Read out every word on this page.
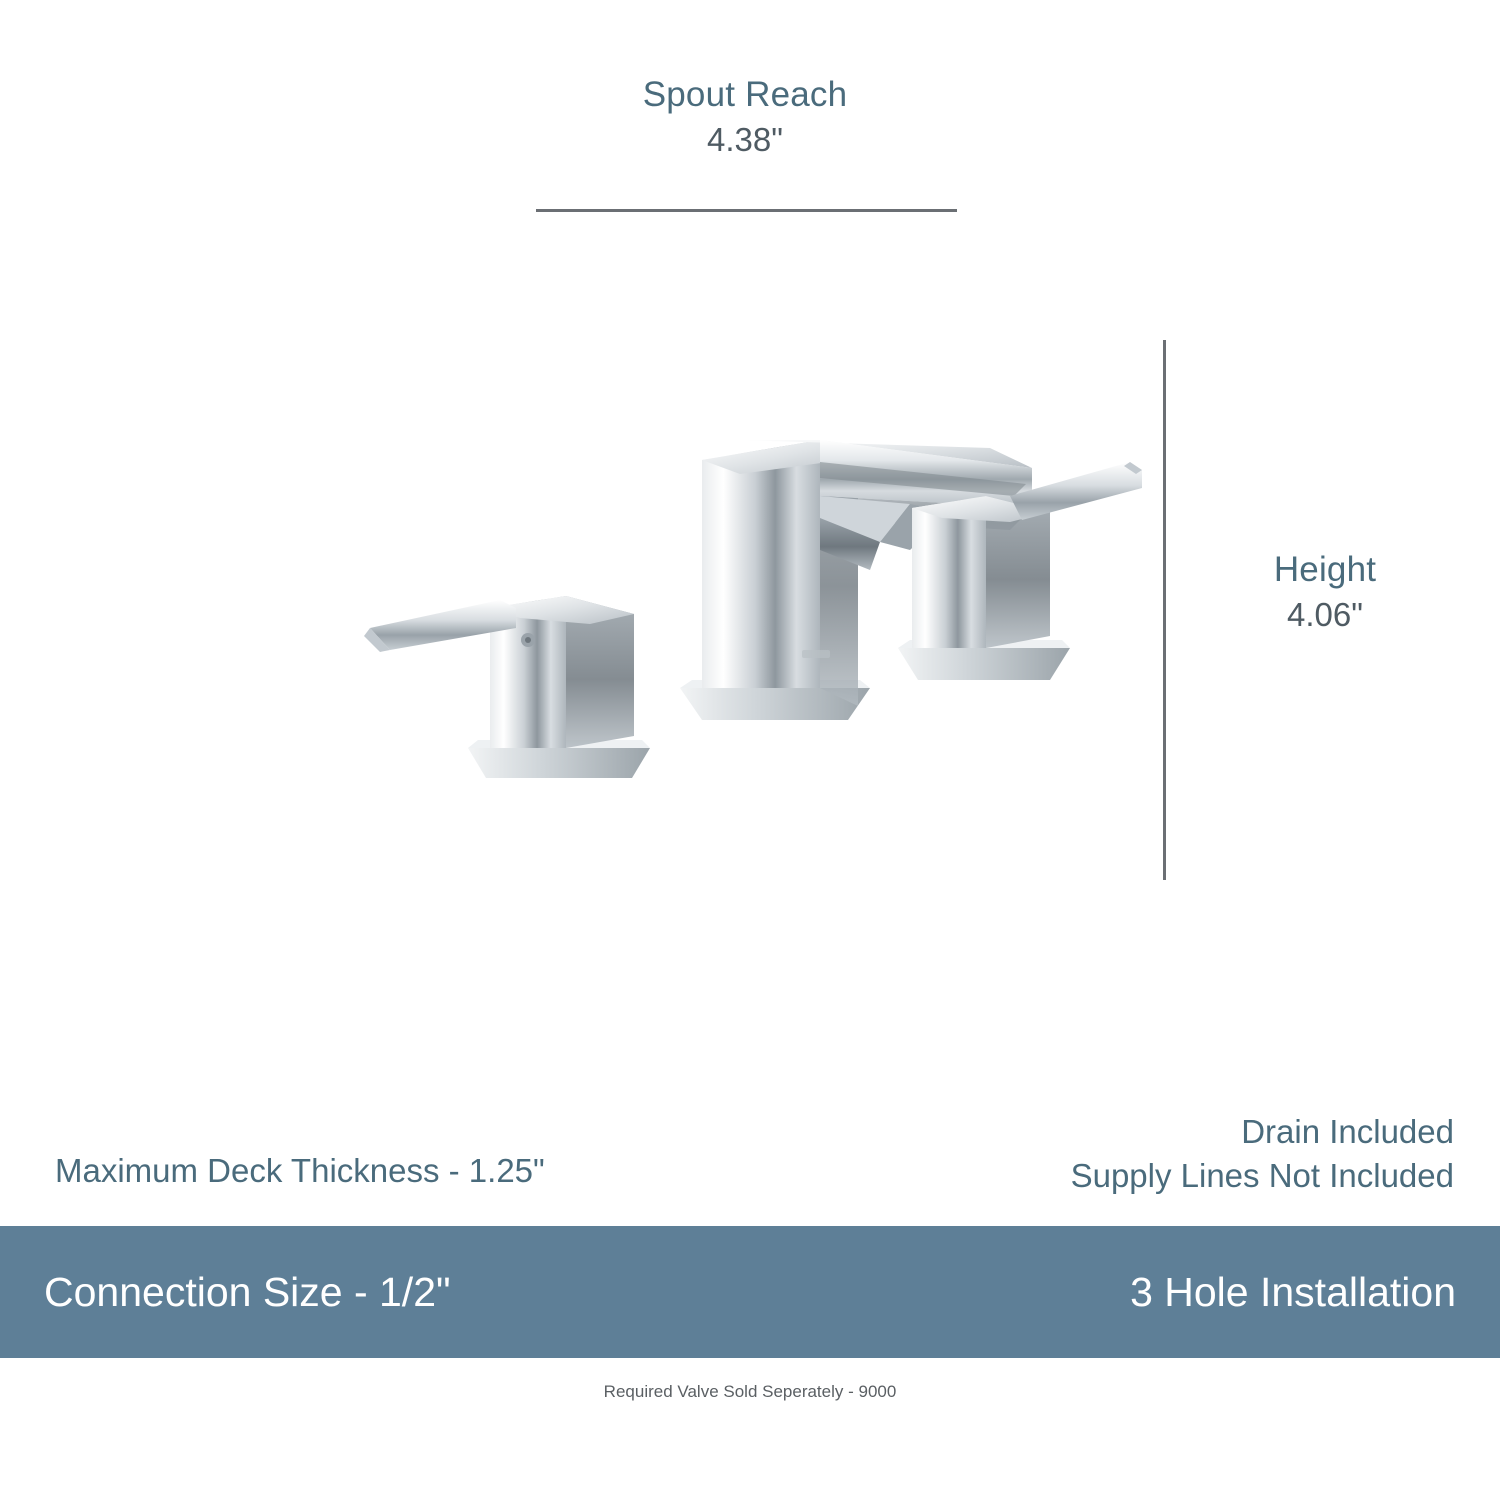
Spout Reach
4.38"
Height
4.06"
Maximum Deck Thickness - 1.25"
Drain Included
Supply Lines Not Included
Connection Size - 1/2"	3 Hole Installation
Required Valve Sold Seperately - 9000
